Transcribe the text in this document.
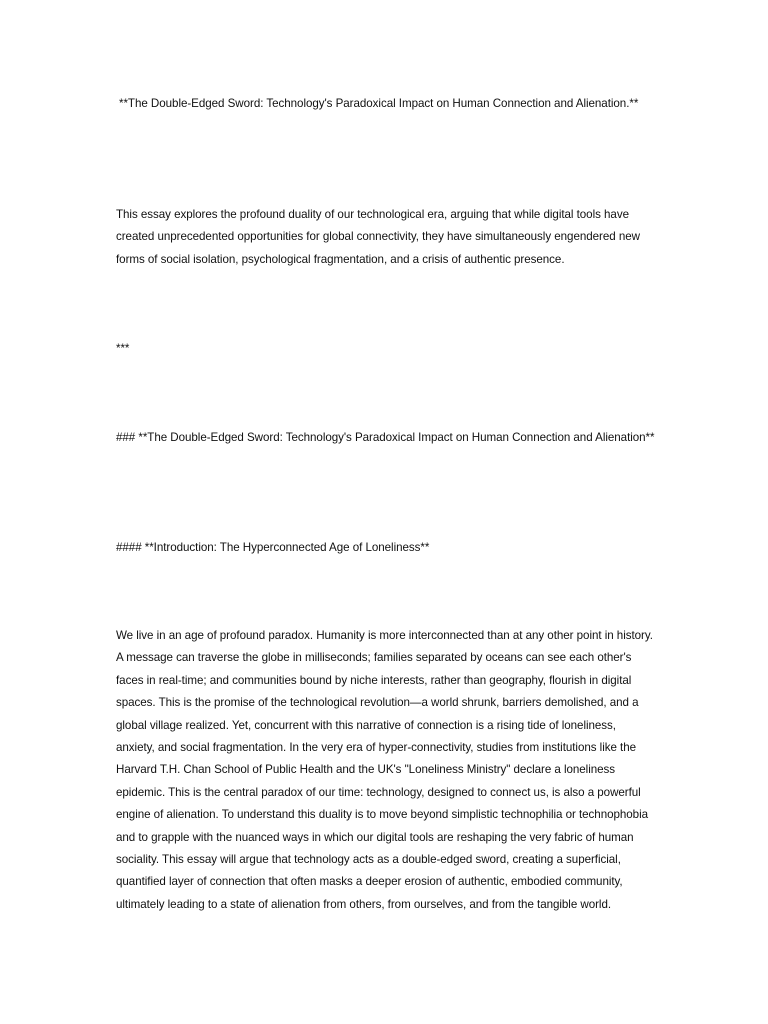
**The Double-Edged Sword: Technology's Paradoxical Impact on Human Connection and Alienation.**
This essay explores the profound duality of our technological era, arguing that while digital tools have created unprecedented opportunities for global connectivity, they have simultaneously engendered new forms of social isolation, psychological fragmentation, and a crisis of authentic presence.
***
### **The Double-Edged Sword: Technology's Paradoxical Impact on Human Connection and Alienation**
#### **Introduction: The Hyperconnected Age of Loneliness**
We live in an age of profound paradox. Humanity is more interconnected than at any other point in history. A message can traverse the globe in milliseconds; families separated by oceans can see each other's faces in real-time; and communities bound by niche interests, rather than geography, flourish in digital spaces. This is the promise of the technological revolution—a world shrunk, barriers demolished, and a global village realized. Yet, concurrent with this narrative of connection is a rising tide of loneliness, anxiety, and social fragmentation. In the very era of hyper-connectivity, studies from institutions like the Harvard T.H. Chan School of Public Health and the UK's "Loneliness Ministry" declare a loneliness epidemic. This is the central paradox of our time: technology, designed to connect us, is also a powerful engine of alienation. To understand this duality is to move beyond simplistic technophilia or technophobia and to grapple with the nuanced ways in which our digital tools are reshaping the very fabric of human sociality. This essay will argue that technology acts as a double-edged sword, creating a superficial, quantified layer of connection that often masks a deeper erosion of authentic, embodied community, ultimately leading to a state of alienation from others, from ourselves, and from the tangible world.
